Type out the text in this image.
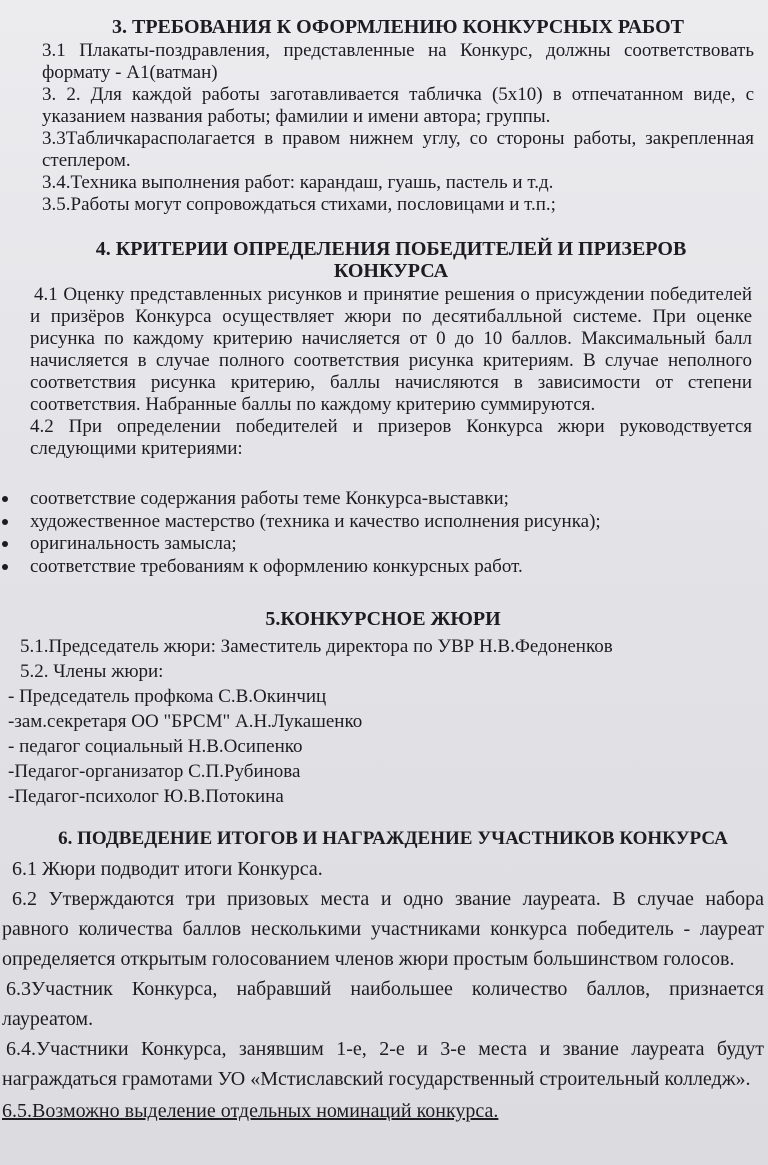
3. ТРЕБОВАНИЯ К ОФОРМЛЕНИЮ КОНКУРСНЫХ РАБОТ

3.1 Плакаты-поздравления, представленные на Конкурс, должны соответствовать формату - А1(ватман)

3. 2. Для каждой работы заготавливается табличка (5х10) в отпечатанном виде, с указанием названия работы; фамилии и имени автора; группы.

3.3Табличкарасполагается в правом нижнем углу, со стороны работы, закрепленная степлером.

3.4.Техника выполнения работ: карандаш, гуашь, пастель и т.д.

3.5.Работы могут сопровождаться стихами, пословицами и т.п.;

4. КРИТЕРИИ ОПРЕДЕЛЕНИЯ ПОБЕДИТЕЛЕЙ И ПРИЗЕРОВ КОНКУРСА

4.1 Оценку представленных рисунков и принятие решения о присуждении победителей и призёров Конкурса осуществляет жюри по десятибалльной системе. При оценке рисунка по каждому критерию начисляется от 0 до 10 баллов. Максимальный балл начисляется в случае полного соответствия рисунка критериям. В случае неполного соответствия рисунка критерию, баллы начисляются в зависимости от степени соответствия. Набранные баллы по каждому критерию суммируются.

4.2 При определении победителей и призеров Конкурса жюри руководствуется следующими критериями:

соответствие содержания работы теме Конкурса-выставки;
художественное мастерство (техника и качество исполнения рисунка);
оригинальность замысла;
соответствие требованиям к оформлению конкурсных работ.

5.КОНКУРСНОЕ ЖЮРИ

5.1.Председатель жюри: Заместитель директора по УВР Н.В.Федоненков

5.2. Члены жюри:

- Председатель профкома С.В.Окинчиц

-зам.секретаря ОО "БРСМ" А.Н.Лукашенко

- педагог социальный Н.В.Осипенко

-Педагог-организатор С.П.Рубинова

-Педагог-психолог Ю.В.Потокина

6. ПОДВЕДЕНИЕ ИТОГОВ И НАГРАЖДЕНИЕ УЧАСТНИКОВ КОНКУРСА

6.1 Жюри подводит итоги Конкурса.

6.2 Утверждаются три призовых места и одно звание лауреата. В случае набора равного количества баллов несколькими участниками конкурса победитель - лауреат определяется открытым голосованием членов жюри простым большинством голосов.

6.3Участник Конкурса, набравший наибольшее количество баллов, признается лауреатом.

6.4.Участники Конкурса, занявшим 1-е, 2-е и 3-е места и звание лауреата будут награждаться грамотами УО «Мстиславский государственный строительный колледж».

6.5.Возможно выделение отдельных номинаций конкурса.
